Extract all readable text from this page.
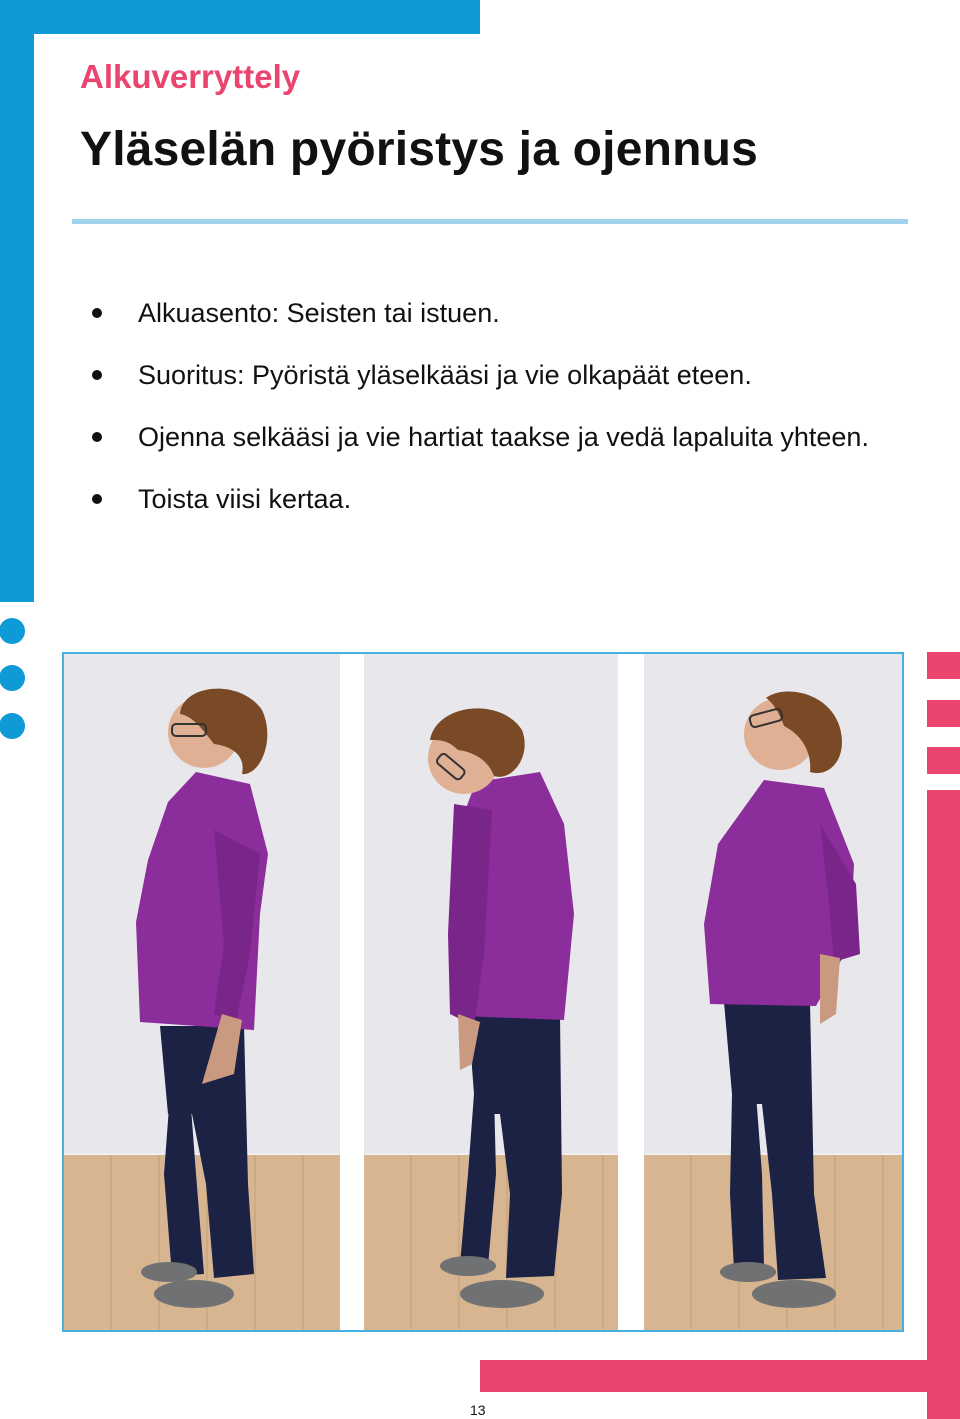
Alkuverryttely
Yläselän pyöristys ja ojennus
Alkuasento: Seisten tai istuen.
Suoritus: Pyöristä yläselkääsi ja vie olkapäät eteen.
Ojenna selkääsi ja vie hartiat taakse ja vedä lapaluita yhteen.
Toista viisi kertaa.

13
